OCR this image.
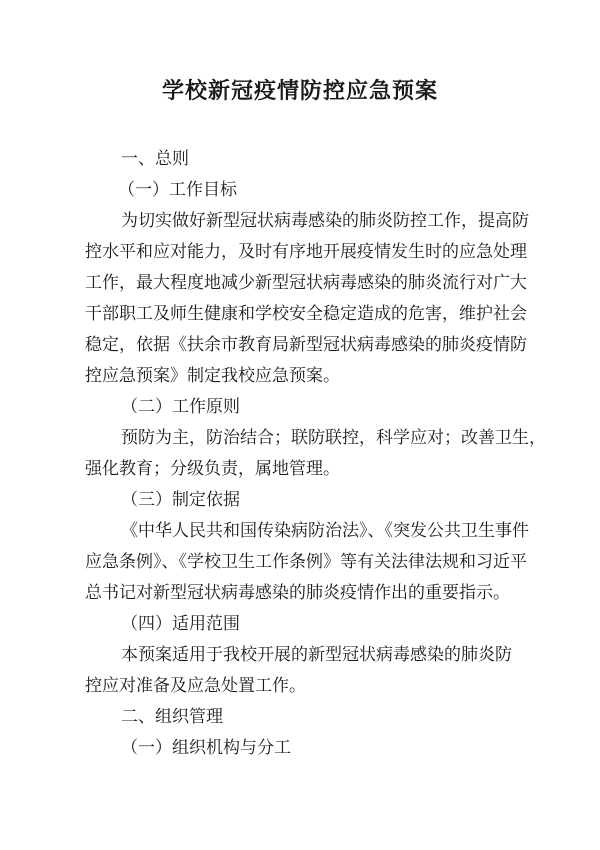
学校新冠疫情防控应急预案

一、总则

（一）工作目标

为切实做好新型冠状病毒感染的肺炎防控工作，提高防

控水平和应对能力，及时有序地开展疫情发生时的应急处理

工作，最大程度地减少新型冠状病毒感染的肺炎流行对广大

干部职工及师生健康和学校安全稳定造成的危害，维护社会

稳定，依据《扶余市教育局新型冠状病毒感染的肺炎疫情防

控应急预案》制定我校应急预案。

（二）工作原则

预防为主，防治结合；联防联控，科学应对；改善卫生，

强化教育；分级负责，属地管理。

（三）制定依据

《中华人民共和国传染病防治法》、《突发公共卫生事件

应急条例》、《学校卫生工作条例》等有关法律法规和习近平

总书记对新型冠状病毒感染的肺炎疫情作出的重要指示。

（四）适用范围

本预案适用于我校开展的新型冠状病毒感染的肺炎防

控应对准备及应急处置工作。

二、组织管理

（一）组织机构与分工
